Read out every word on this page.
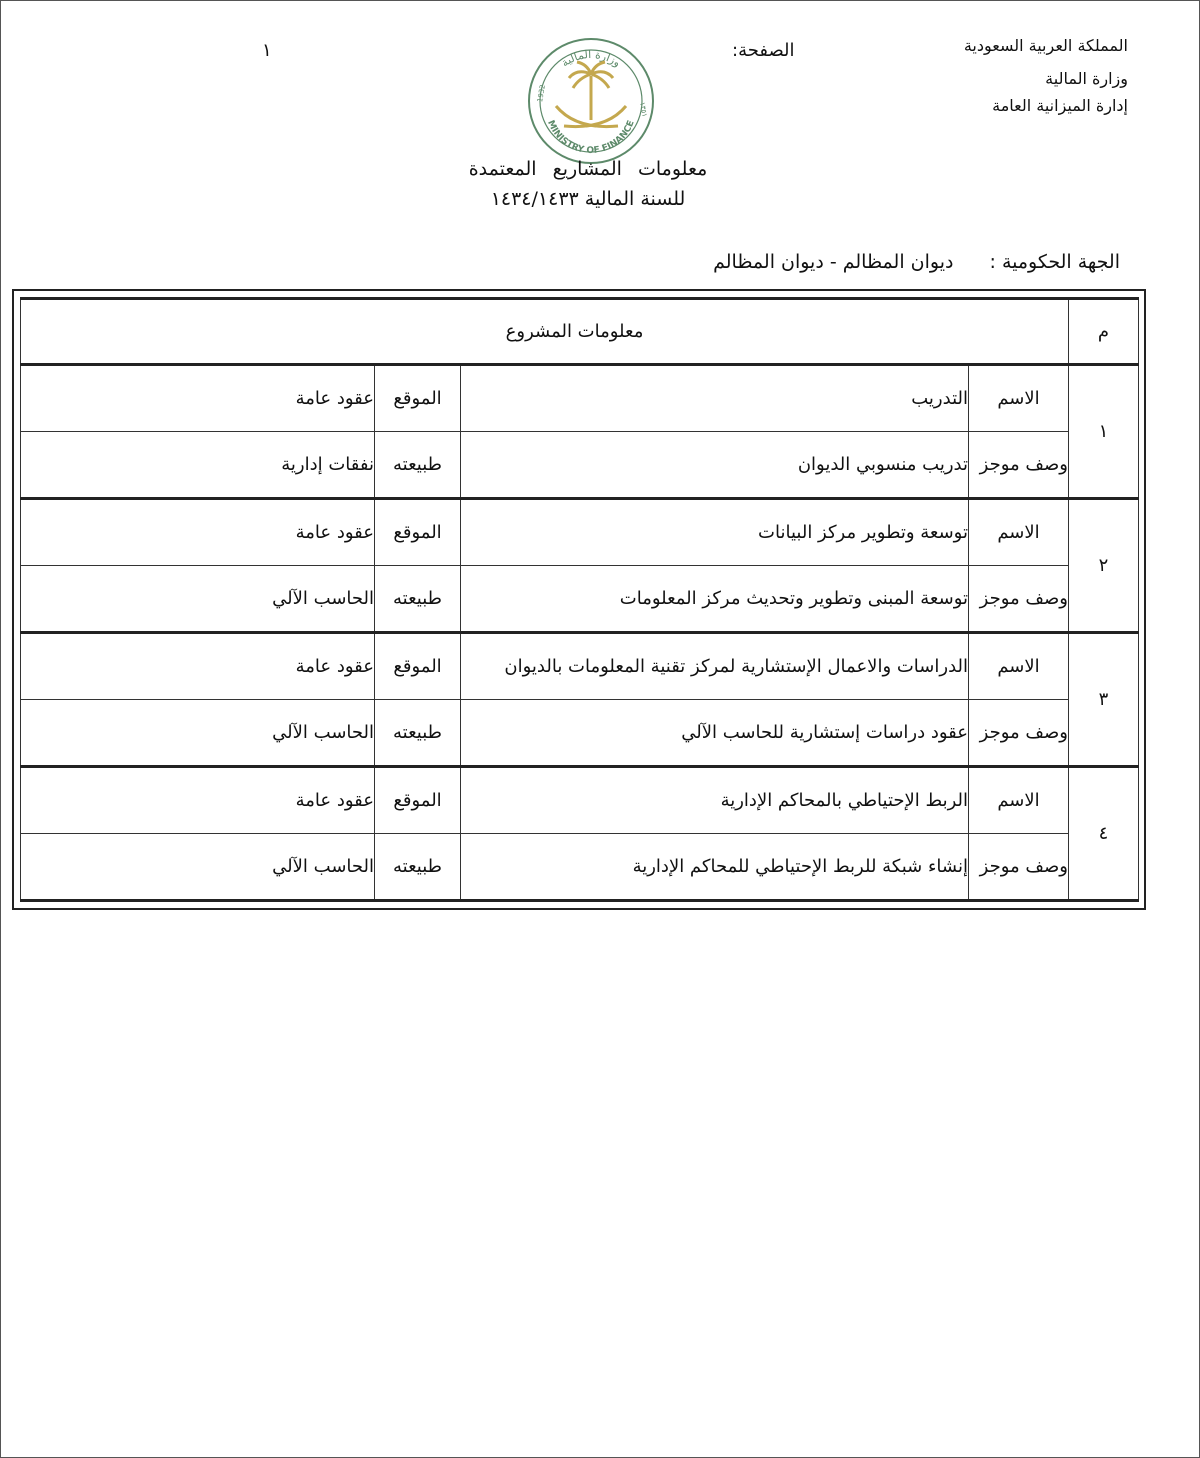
المملكة العربية السعودية
وزارة المالية
إدارة الميزانية العامة
الصفحة:
١
وزارة المالية
MINISTRY OF FINANCE
1932
١٣٥١
معلومات المشاريع المعتمدة
للسنة المالية ١٤٣٤/١٤٣٣
الجهة الحكومية : ديوان المظالم - ديوان المظالم
م	معلومات المشروع			
١	الاسم	التدريب	الموقع	عقود عامة
	وصف موجز	تدريب منسوبي الديوان	طبيعته	نفقات إدارية
٢	الاسم	توسعة وتطوير مركز البيانات	الموقع	عقود عامة
	وصف موجز	توسعة المبنى وتطوير وتحديث مركز المعلومات	طبيعته	الحاسب الآلي
٣	الاسم	الدراسات والاعمال الإستشارية لمركز تقنية المعلومات بالديوان	الموقع	عقود عامة
	وصف موجز	عقود دراسات إستشارية للحاسب الآلي	طبيعته	الحاسب الآلي
٤	الاسم	الربط الإحتياطي بالمحاكم الإدارية	الموقع	عقود عامة
	وصف موجز	إنشاء شبكة للربط الإحتياطي للمحاكم الإدارية	طبيعته	الحاسب الآلي
